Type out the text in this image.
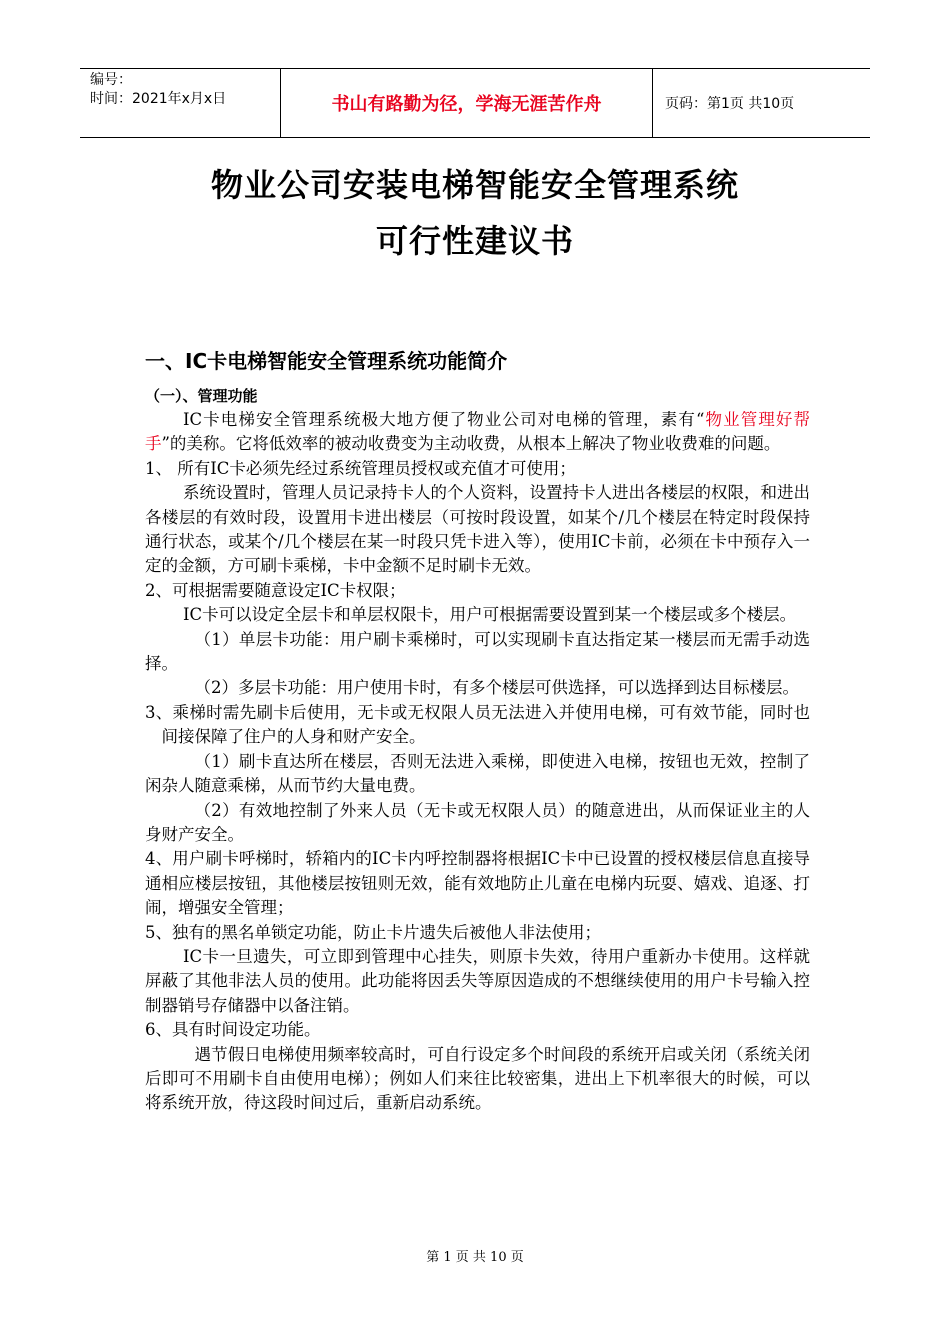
编号：
时间：2021年x月x日	书山有路勤为径，学海无涯苦作舟	页码：第1页 共10页
物业公司安装电梯智能安全管理系统
可行性建议书
一、IC卡电梯智能安全管理系统功能简介
（一）、管理功能

IC卡电梯安全管理系统极大地方便了物业公司对电梯的管理，素有“物业管理好帮手”的美称。它将低效率的被动收费变为主动收费，从根本上解决了物业收费难的问题。

1、 所有IC卡必须先经过系统管理员授权或充值才可使用；

系统设置时，管理人员记录持卡人的个人资料，设置持卡人进出各楼层的权限，和进出各楼层的有效时段，设置用卡进出楼层（可按时段设置，如某个/几个楼层在特定时段保持通行状态，或某个/几个楼层在某一时段只凭卡进入等），使用IC卡前，必须在卡中预存入一定的金额，方可刷卡乘梯，卡中金额不足时刷卡无效。

2、可根据需要随意设定IC卡权限；

IC卡可以设定全层卡和单层权限卡，用户可根据需要设置到某一个楼层或多个楼层。

（1）单层卡功能：用户刷卡乘梯时，可以实现刷卡直达指定某一楼层而无需手动选择。

（2）多层卡功能：用户使用卡时，有多个楼层可供选择，可以选择到达目标楼层。

3、乘梯时需先刷卡后使用，无卡或无权限人员无法进入并使用电梯，可有效节能，同时也间接保障了住户的人身和财产安全。

（1）刷卡直达所在楼层，否则无法进入乘梯，即使进入电梯，按钮也无效，控制了闲杂人随意乘梯，从而节约大量电费。

（2）有效地控制了外来人员（无卡或无权限人员）的随意进出，从而保证业主的人身财产安全。

4、用户刷卡呼梯时，轿箱内的IC卡内呼控制器将根据IC卡中已设置的授权楼层信息直接导通相应楼层按钮，其他楼层按钮则无效，能有效地防止儿童在电梯内玩耍、嬉戏、追逐、打闹，增强安全管理；

5、独有的黑名单锁定功能，防止卡片遗失后被他人非法使用；

IC卡一旦遗失，可立即到管理中心挂失，则原卡失效，待用户重新办卡使用。这样就屏蔽了其他非法人员的使用。此功能将因丢失等原因造成的不想继续使用的用户卡号输入控制器销号存储器中以备注销。

6、具有时间设定功能。

遇节假日电梯使用频率较高时，可自行设定多个时间段的系统开启或关闭（系统关闭后即可不用刷卡自由使用电梯）；例如人们来往比较密集，进出上下机率很大的时候，可以将系统开放，待这段时间过后，重新启动系统。

第 1 页 共 10 页
